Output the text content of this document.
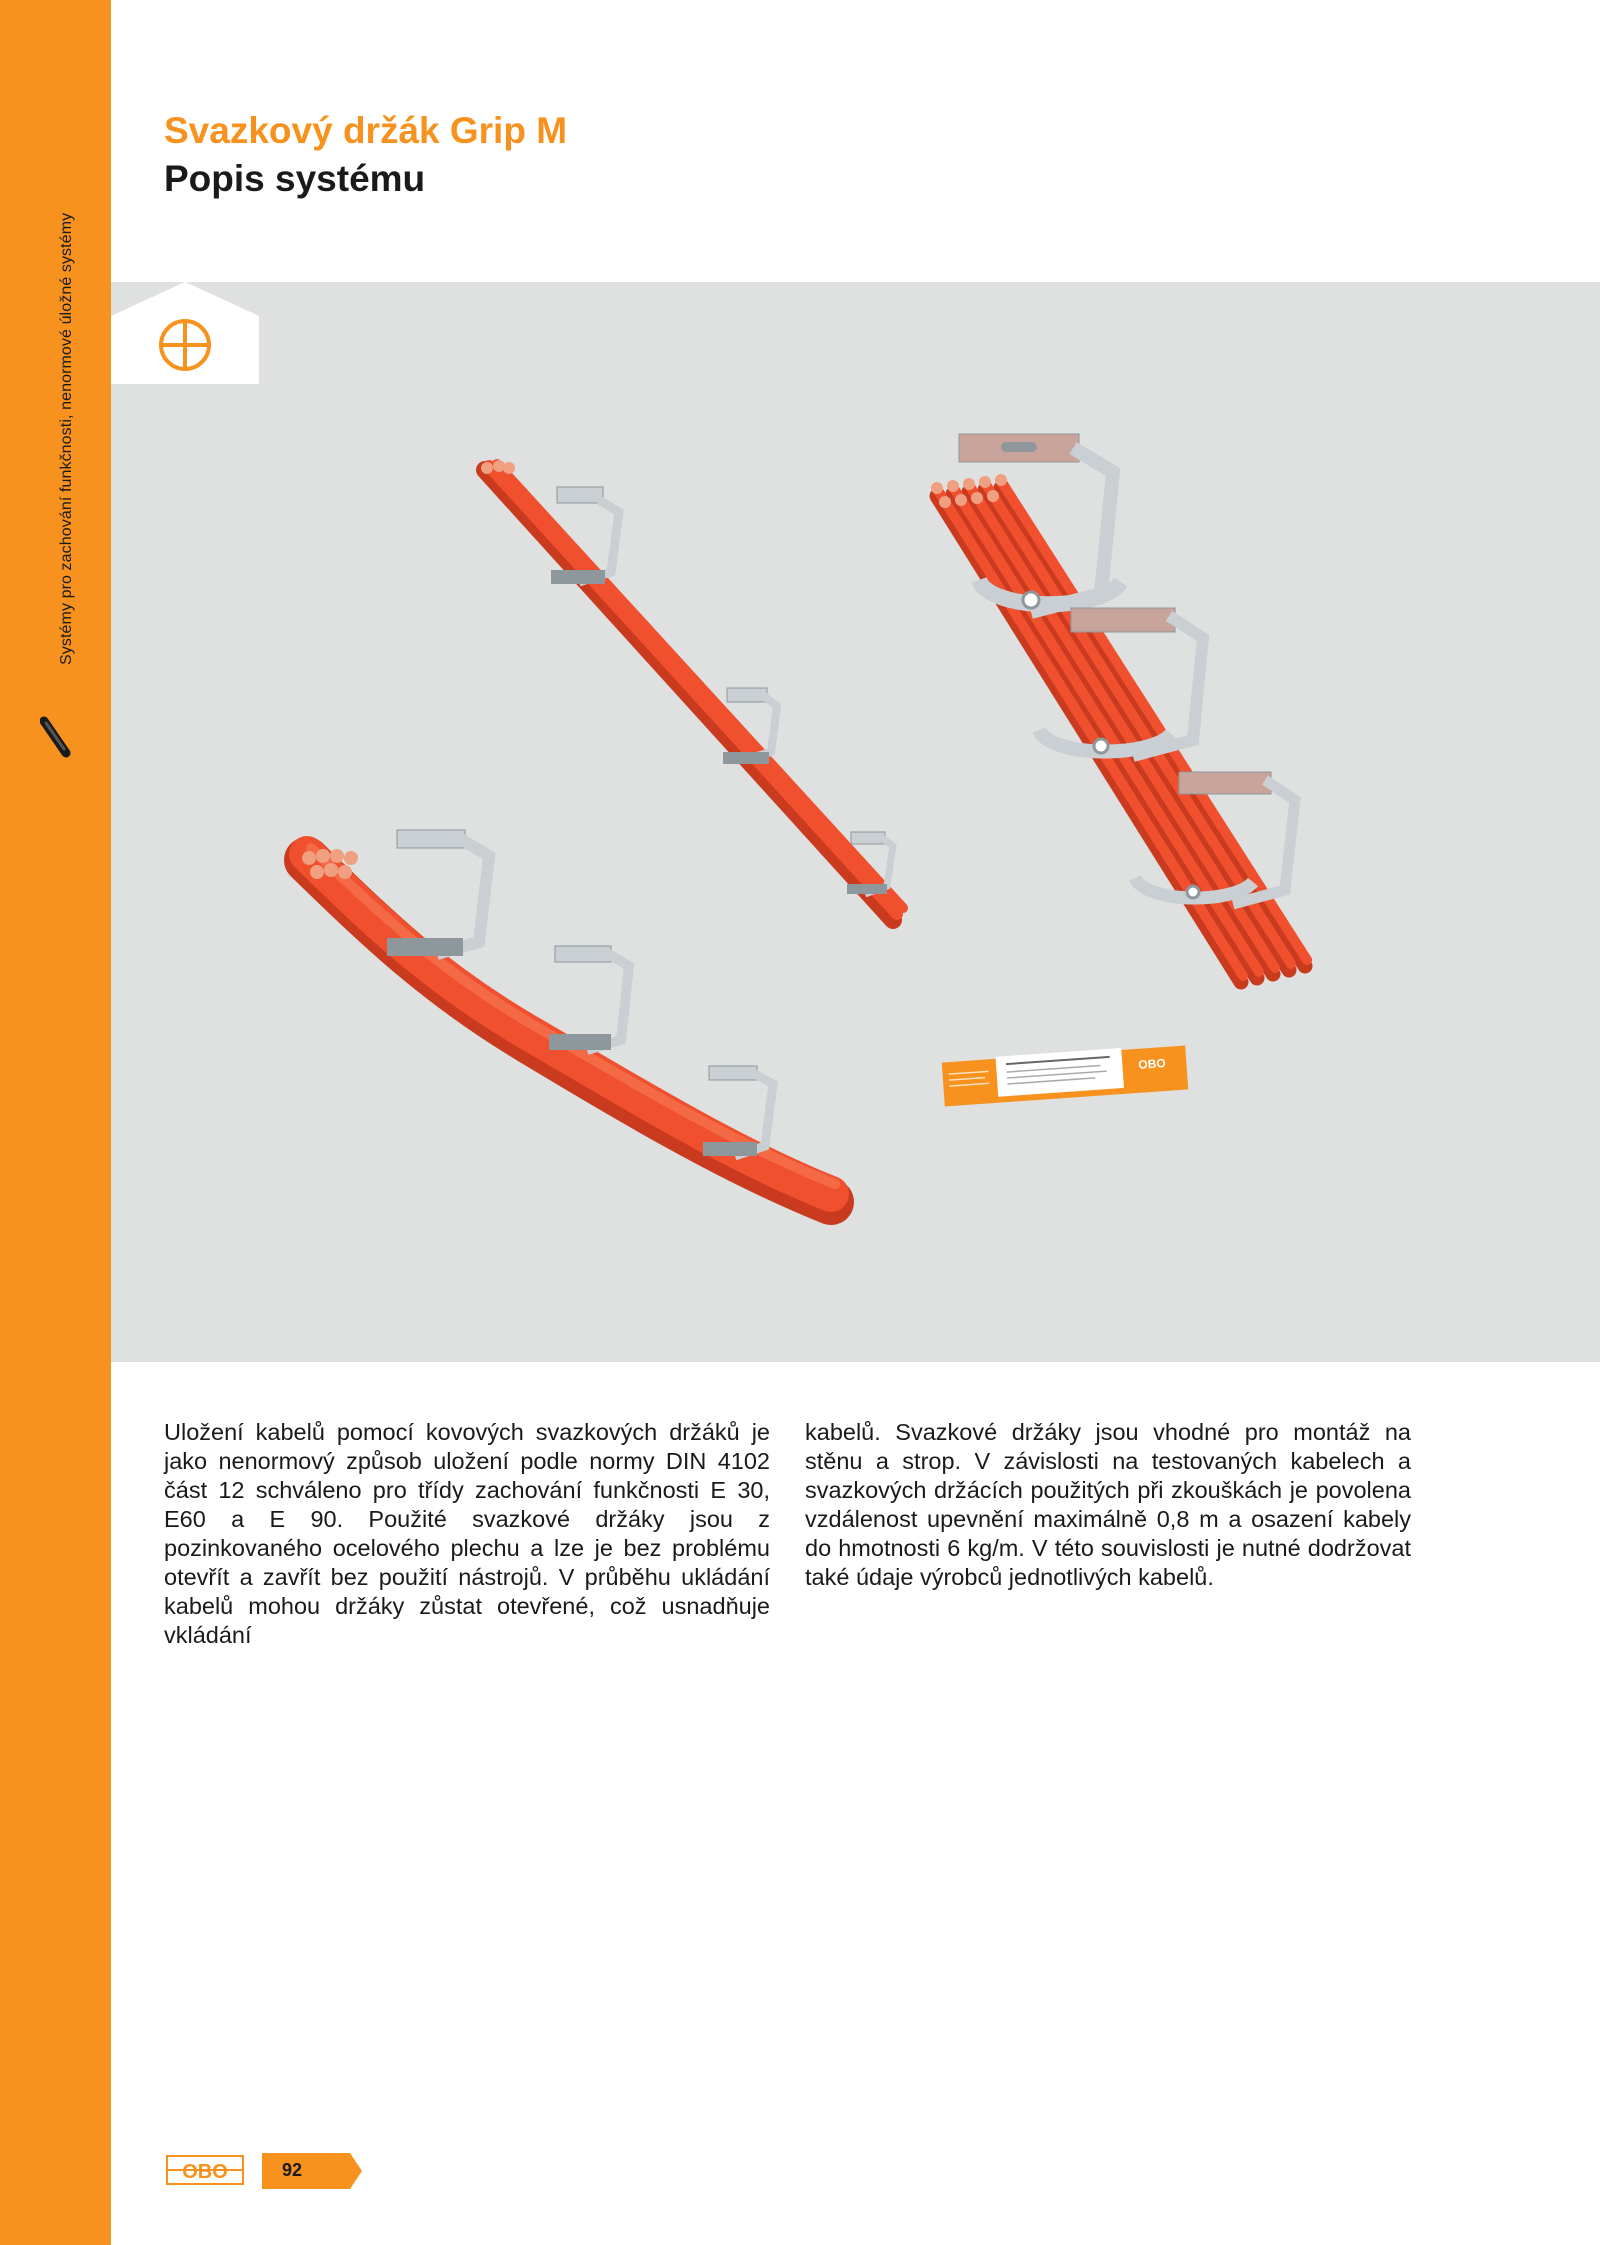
Systémy pro zachování funkčnosti, nenormové úložné systémy
Svazkový držák Grip M
Popis systému
OBO
Uložení kabelů pomocí kovových svazkových držáků je jako nenormový způsob uložení podle normy DIN 4102 část 12 schváleno pro třídy zachování funkčnosti E 30, E60 a E 90. Použité svazkové držáky jsou z pozinkovaného ocelového plechu a lze je bez problému otevřít a zavřít bez použití nástrojů. V průběhu ukládání kabelů mohou držáky zůstat otevřené, což usnadňuje vkládání
kabelů. Svazkové držáky jsou vhodné pro montáž na stěnu a strop. V závislosti na testovaných kabelech a svazkových držácích použitých při zkouškách je povolena vzdálenost upevnění maximálně 0,8 m a osazení kabely do hmotnosti 6 kg/m. V této souvislosti je nutné dodržovat také údaje výrobců jednotlivých kabelů.
OBO	92
